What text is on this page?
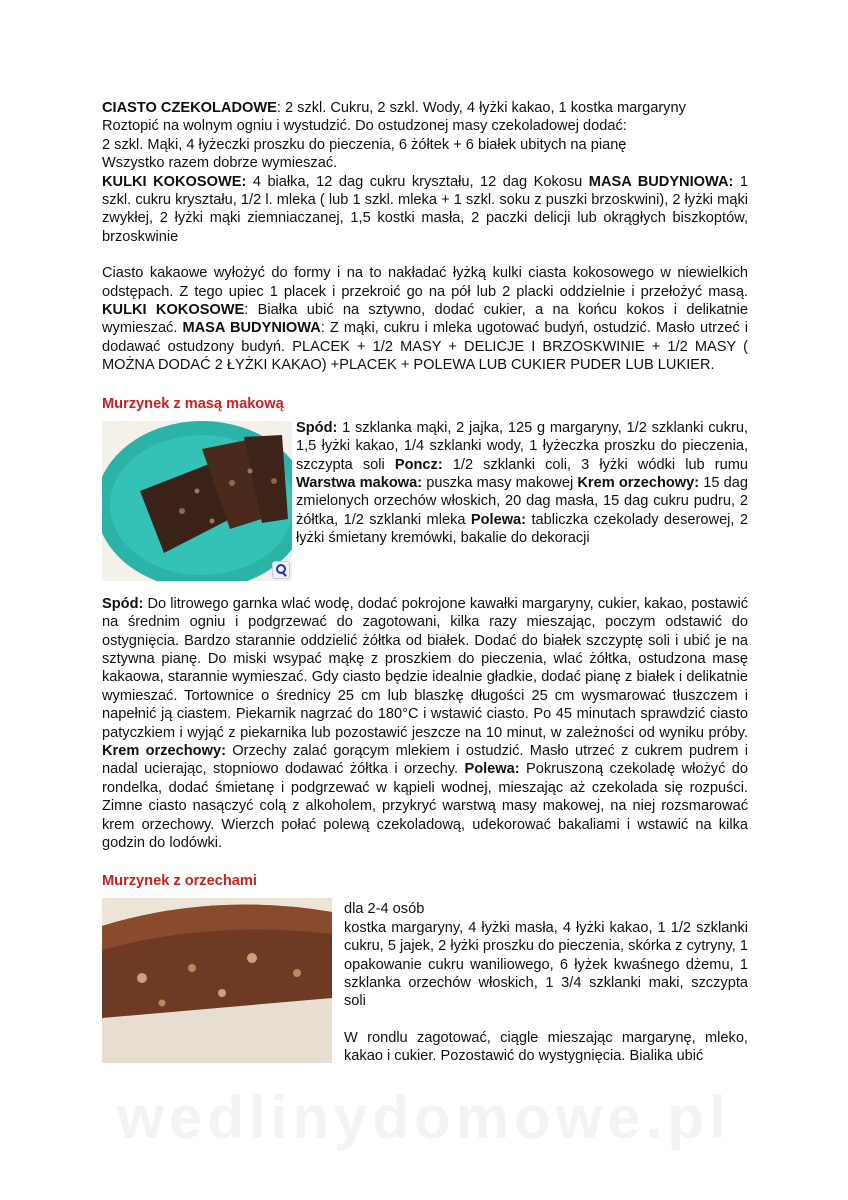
CIASTO CZEKOLADOWE: 2 szkl. Cukru, 2 szkl. Wody, 4 łyżki kakao, 1 kostka margaryny

Roztopić na wolnym ogniu i wystudzić. Do ostudzonej masy czekoladowej dodać:

2 szkl. Mąki, 4 łyżeczki proszku do pieczenia, 6 żółtek + 6 białek ubitych na pianę

Wszystko razem dobrze wymieszać.

KULKI KOKOSOWE: 4 białka, 12 dag cukru kryształu, 12 dag Kokosu MASA BUDYNIOWA: 1 szkl. cukru kryształu, 1/2 l. mleka ( lub 1 szkl. mleka + 1 szkl. soku z puszki brzoskwini), 2 łyżki mąki zwykłej, 2 łyżki mąki ziemniaczanej, 1,5 kostki masła, 2 paczki delicji lub okrągłych biszkoptów, brzoskwinie

Ciasto kakaowe wyłożyć do formy i na to nakładać łyżką kulki ciasta kokosowego w niewielkich odstępach. Z tego upiec 1 placek i przekroić go na pół lub 2 placki oddzielnie i przełożyć masą. KULKI KOKOSOWE: Białka ubić na sztywno, dodać cukier, a na końcu kokos i delikatnie wymieszać. MASA BUDYNIOWA: Z mąki, cukru i mleka ugotować budyń, ostudzić. Masło utrzeć i dodawać ostudzony budyń. PLACEK + 1/2 MASY + DELICJE I BRZOSKWINIE + 1/2 MASY ( MOŻNA DODAĆ 2 ŁYŻKI KAKAO) +PLACEK + POLEWA LUB CUKIER PUDER LUB LUKIER.

Murzynek z masą makową

Spód: 1 szklanka mąki, 2 jajka, 125 g margaryny, 1/2 szklanki cukru, 1,5 łyżki kakao, 1/4 szklanki wody, 1 łyżeczka proszku do pieczenia, szczypta soli Poncz: 1/2 szklanki coli, 3 łyżki wódki lub rumu Warstwa makowa: puszka masy makowej Krem orzechowy: 15 dag zmielonych orzechów włoskich, 20 dag masła, 15 dag cukru pudru, 2 żółtka, 1/2 szklanki mleka Polewa: tabliczka czekolady deserowej, 2 łyżki śmietany kremówki, bakalie do dekoracji

Spód: Do litrowego garnka wlać wodę, dodać pokrojone kawałki margaryny, cukier, kakao, postawić na średnim ogniu i podgrzewać do zagotowani, kilka razy mieszając, poczym odstawić do ostygnięcia. Bardzo starannie oddzielić żółtka od białek. Dodać do białek szczyptę soli i ubić je na sztywna pianę. Do miski wsypać mąkę z proszkiem do pieczenia, wlać żółtka, ostudzona masę kakaowa, starannie wymieszać. Gdy ciasto będzie idealnie gładkie, dodać pianę z białek i delikatnie wymieszać. Tortownice o średnicy 25 cm lub blaszkę długości 25 cm wysmarować tłuszczem i napełnić ją ciastem. Piekarnik nagrzać do 180°C i wstawić ciasto. Po 45 minutach sprawdzić ciasto patyczkiem i wyjąć z piekarnika lub pozostawić jeszcze na 10 minut, w zależności od wyniku próby. Krem orzechowy: Orzechy zalać gorącym mlekiem i ostudzić. Masło utrzeć z cukrem pudrem i nadal ucierając, stopniowo dodawać żółtka i orzechy. Polewa: Pokruszoną czekoladę włożyć do rondelka, dodać śmietanę i podgrzewać w kąpieli wodnej, mieszając aż czekolada się rozpuści. Zimne ciasto nasączyć colą z alkoholem, przykryć warstwą masy makowej, na niej rozsmarować krem orzechowy. Wierzch połać polewą czekoladową, udekorować bakaliami i wstawić na kilka godzin do lodówki.

Murzynek z orzechami

dla 2-4 osób

kostka margaryny, 4 łyżki masła, 4 łyżki kakao, 1 1/2 szklanki cukru, 5 jajek, 2 łyżki proszku do pieczenia, skórka z cytryny, 1 opakowanie cukru waniliowego, 6 łyżek kwaśnego dżemu, 1 szklanka orzechów włoskich, 1 3/4 szklanki maki, szczypta soli

W rondlu zagotować, ciągle mieszając margarynę, mleko, kakao i cukier. Pozostawić do wystygnięcia. Bialika ubić

wedlinydomowe.pl
